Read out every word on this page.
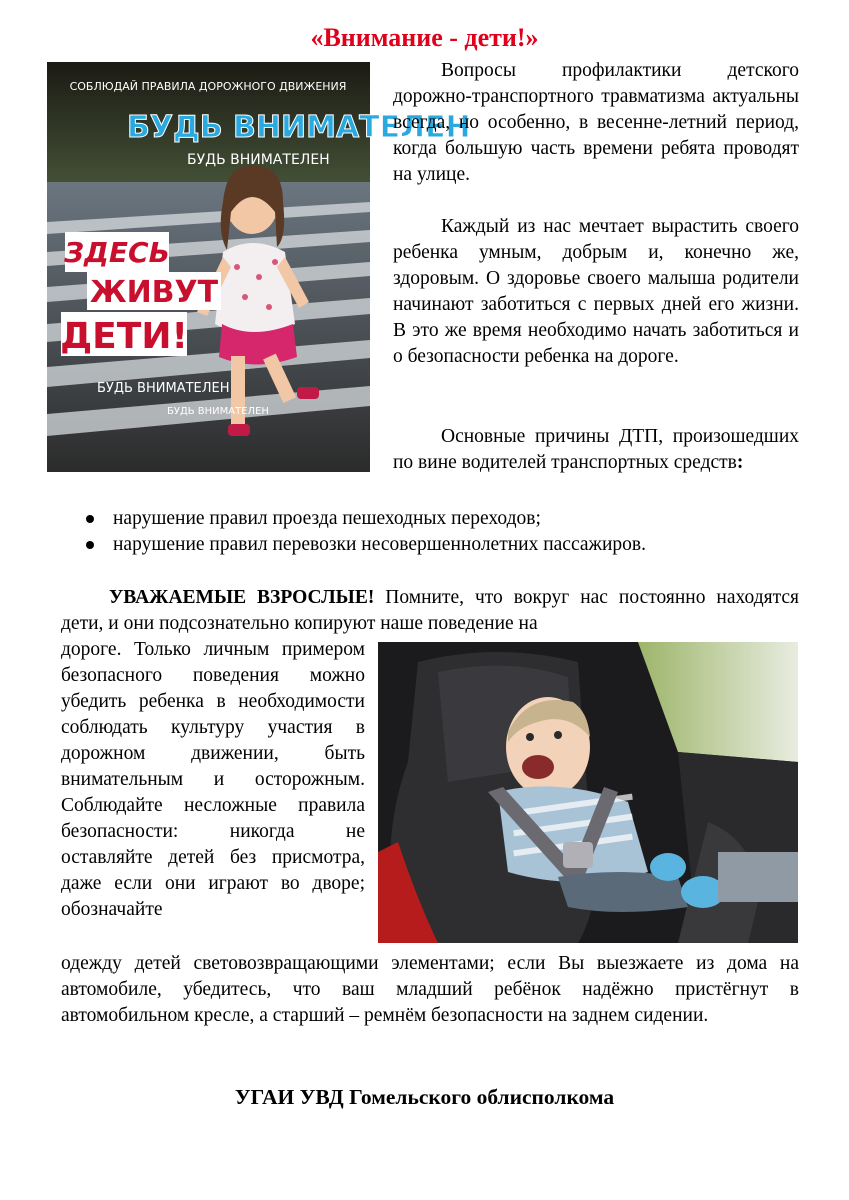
«Внимание - дети!»
СОБЛЮДАЙ ПРАВИЛА ДОРОЖНОГО ДВИЖЕНИЯ
БУДЬ ВНИМАТЕЛЕН
БУДЬ ВНИМАТЕЛЕН
ЗДЕСЬ
ЖИВУТ
ДЕТИ!
БУДЬ ВНИМАТЕЛЕН
БУДЬ ВНИМАТЕЛЕН

Вопросы профилактики детского дорожно-транспортного травматизма актуальны всегда, но особенно, в весенне-летний период, когда большую часть времени ребята проводят на улице.

Каждый из нас мечтает вырастить своего ребенка умным, добрым и, конечно же, здоровым. О здоровье своего малыша родители начинают заботиться с первых дней его жизни. В это же время необходимо начать заботиться и о безопасности ребенка на дороге.

Основные причины ДТП, произошедших по вине водителей транспортных средств:

нарушение правил проезда пешеходных переходов;
нарушение правил перевозки несовершеннолетних пассажиров.

УВАЖАЕМЫЕ ВЗРОСЛЫЕ! Помните, что вокруг нас постоянно находятся дети, и они подсознательно копируют наше поведение на

дороге. Только личным примером безопасного поведения можно убедить ребенка в необходимости соблюдать культуру участия в дорожном движении, быть внимательным и осторожным. Соблюдайте несложные правила безопасности: никогда не оставляйте детей без присмотра, даже если они играют во дворе; обозначайте

одежду детей световозвращающими элементами; если Вы выезжаете из дома на автомобиле, убедитесь, что ваш младший ребёнок надёжно пристёгнут в автомобильном кресле, а старший – ремнём безопасности на заднем сидении.

УГАИ УВД Гомельского облисполкома
